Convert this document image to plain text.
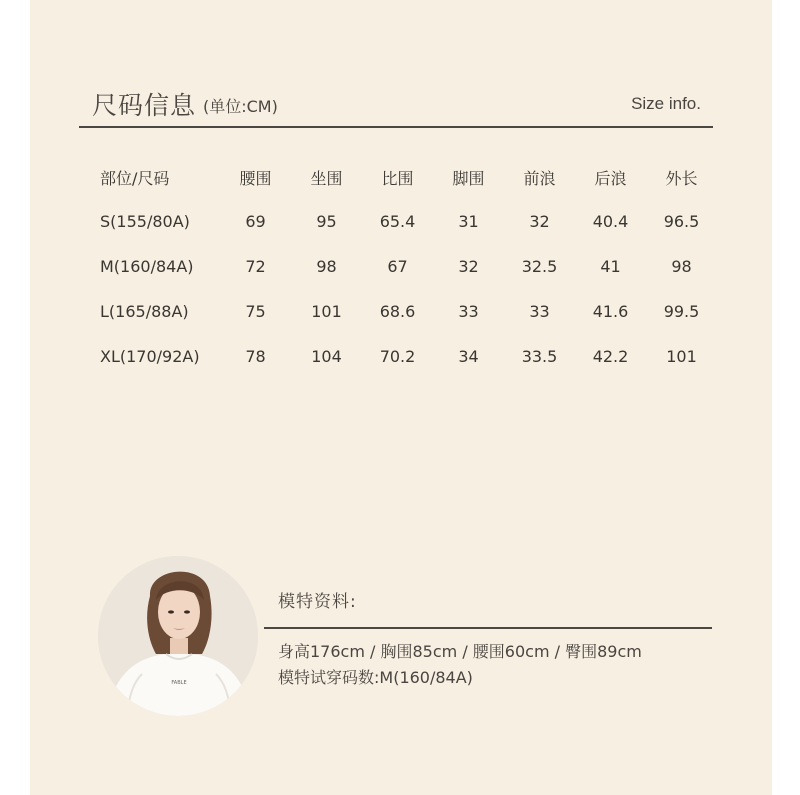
尺码信息 (单位:CM)	Size info.
部位/尺码	腰围	坐围	比围	脚围	前浪	后浪	外长
S(155/80A)	69	95	65.4	31	32	40.4	96.5
M(160/84A)	72	98	67	32	32.5	41	98
L(165/88A)	75	101	68.6	33	33	41.6	99.5
XL(170/92A)	78	104	70.2	34	33.5	42.2	101
FABLE
模特资料:
身高176cm / 胸围85cm / 腰围60cm / 臀围89cm
模特试穿码数:M(160/84A)
